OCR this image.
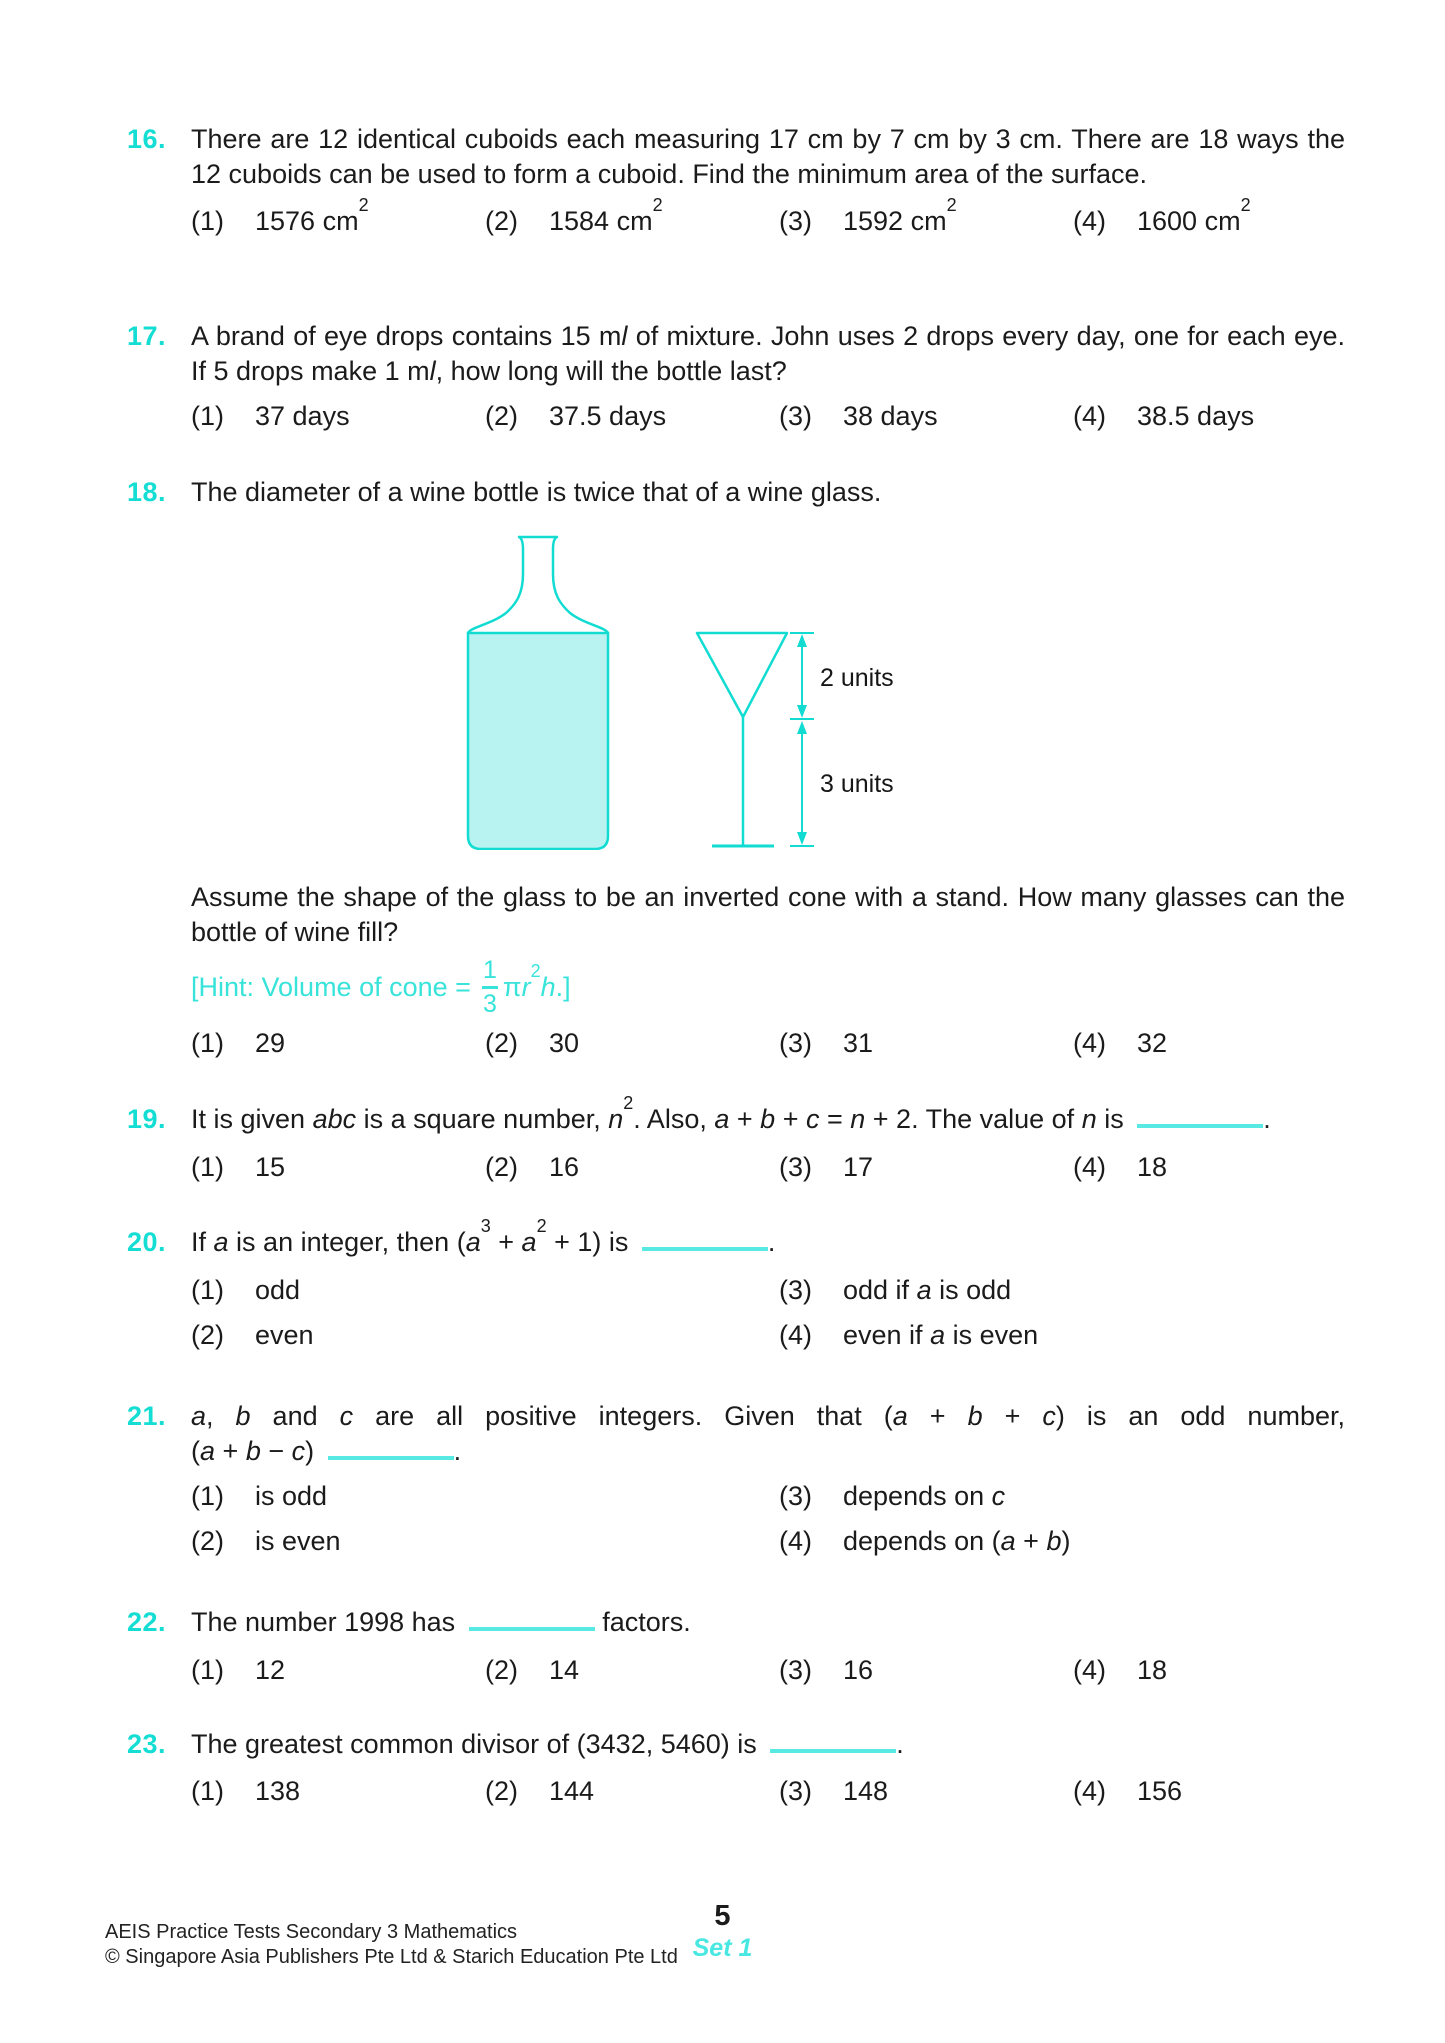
16. There are 12 identical cuboids each measuring 17 cm by 7 cm by 3 cm. There are 18 ways the 12 cuboids can be used to form a cuboid. Find the minimum area of the surface.
(1)	1576 $cm^2$
(2)	1584 $cm^2$
(3)	1592 $cm^2$
(4)	1600 $cm^2$
17. A brand of eye drops contains 15 ml of mixture. John uses 2 drops every day, one for each eye. If 5 drops make 1 ml, how long will the bottle last?
(1)	37 days	(2)	37.5 days	(3)	38 days	(4)	38.5 days
18. The diameter of a wine bottle is twice that of a wine glass.
2 units
3 units
Assume the shape of the glass to be an inverted cone with a stand. How many glasses can the bottle of wine fill?
[Hint: Volume of cone = $\frac{1}{3} \pi r^2h$.]
(1)	29	(2)	30	(3)	31	(4)	32
19. It is given abc is a square number, $n^2$. Also, a + b + c = n + 2. The value of n is	.
(1)	15	(2)	16	(3)	17	(4)	18
20. If a is an integer, then $(a^3 + a^2 + 1)$ is	.
(1)	odd	(3)	odd if a is odd
(2)	even	(4)	even if a is even
21. a, b and c are all positive integers. Given that (a + b + c) is an odd number,
(a + b − c)	.
(1)	is odd	(3)	depends on c
(2)	is even	(4)	depends on (a + b)
22. The number 1998 has	factors.
(1)	12	(2)	14	(3)	16	(4)	18
23. The greatest common divisor of (3432, 5460) is	.
(1)	138	(2)	144	(3)	148	(4)	156
AEIS Practice Tests Secondary 3 Mathematics
© Singapore Asia Publishers Pte Ltd & Starich Education Pte Ltd
5
Set 1
